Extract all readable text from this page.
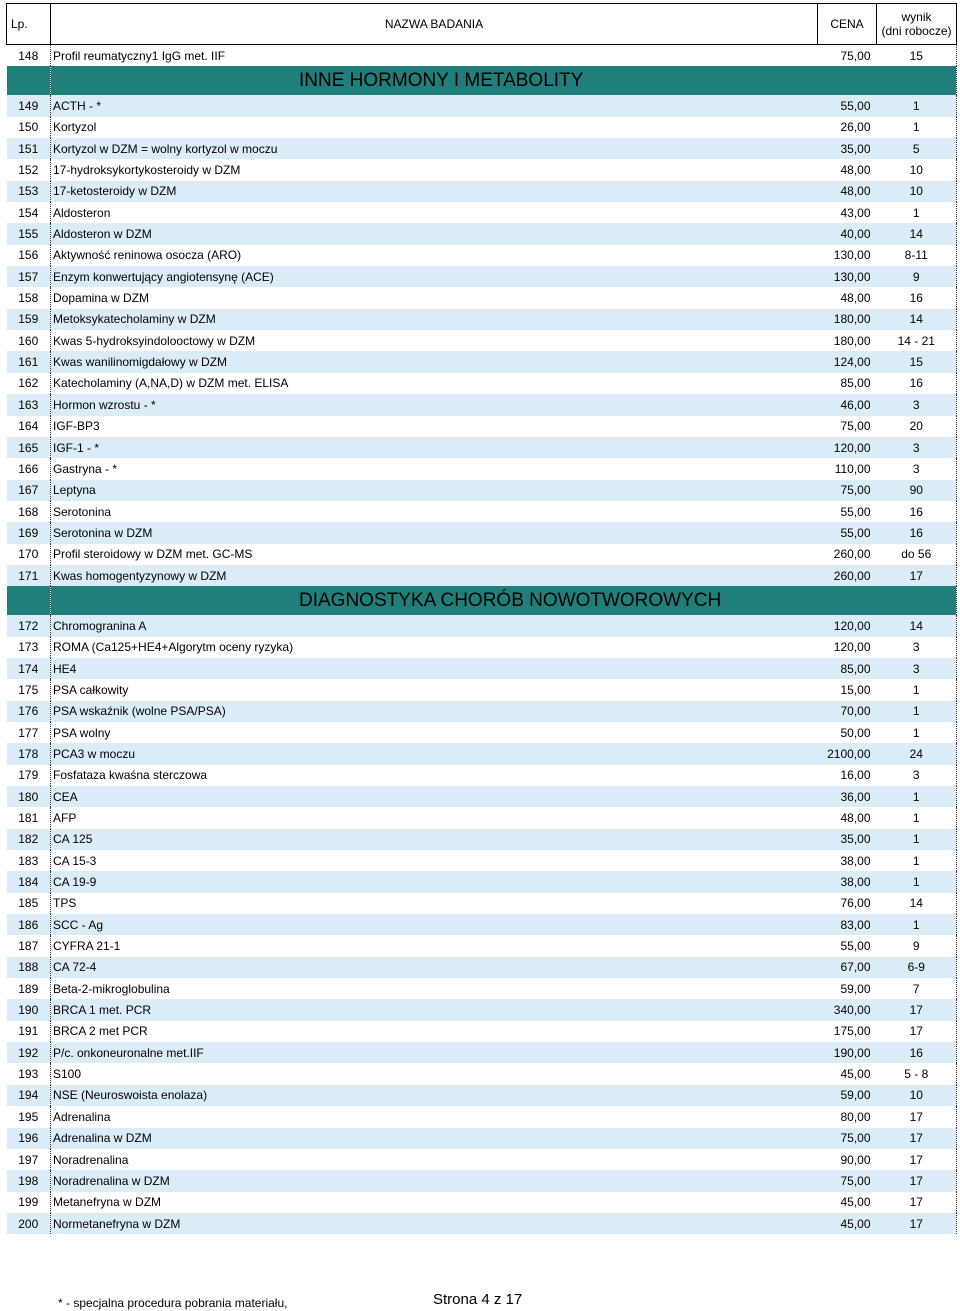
Lp.	NAZWA BADANIA	CENA	wynik
(dni robocze)
148	Profil reumatyczny1 IgG met. IIF	75,00	15
	INNE HORMONY I METABOLITY		
149	ACTH - *	55,00	1
150	Kortyzol	26,00	1
151	Kortyzol w DZM = wolny kortyzol w moczu	35,00	5
152	17-hydroksykortykosteroidy w DZM	48,00	10
153	17-ketosteroidy w DZM	48,00	10
154	Aldosteron	43,00	1
155	Aldosteron w DZM	40,00	14
156	Aktywność reninowa osocza (ARO)	130,00	8-11
157	Enzym konwertujący angiotensynę (ACE)	130,00	9
158	Dopamina w DZM	48,00	16
159	Metoksykatecholaminy w DZM	180,00	14
160	Kwas 5-hydroksyindolooctowy w DZM	180,00	14 - 21
161	Kwas wanilinomigdałowy w DZM	124,00	15
162	Katecholaminy (A,NA,D) w DZM met. ELISA	85,00	16
163	Hormon wzrostu - *	46,00	3
164	IGF-BP3	75,00	20
165	IGF-1 - *	120,00	3
166	Gastryna - *	110,00	3
167	Leptyna	75,00	90
168	Serotonina	55,00	16
169	Serotonina w DZM	55,00	16
170	Profil steroidowy w DZM met. GC-MS	260,00	do 56
171	Kwas homogentyzynowy w DZM	260,00	17
	DIAGNOSTYKA CHORÓB NOWOTWOROWYCH		
172	Chromogranina A	120,00	14
173	ROMA (Ca125+HE4+Algorytm oceny ryzyka)	120,00	3
174	HE4	85,00	3
175	PSA całkowity	15,00	1
176	PSA wskaźnik (wolne PSA/PSA)	70,00	1
177	PSA wolny	50,00	1
178	PCA3 w moczu	2100,00	24
179	Fosfataza kwaśna sterczowa	16,00	3
180	CEA	36,00	1
181	AFP	48,00	1
182	CA 125	35,00	1
183	CA 15-3	38,00	1
184	CA 19-9	38,00	1
185	TPS	76,00	14
186	SCC - Ag	83,00	1
187	CYFRA 21-1	55,00	9
188	CA 72-4	67,00	6-9
189	Beta-2-mikroglobulina	59,00	7
190	BRCA 1 met. PCR	340,00	17
191	BRCA 2 met PCR	175,00	17
192	P/c. onkoneuronalne met.IIF	190,00	16
193	S100	45,00	5 - 8
194	NSE (Neuroswoista enolaza)	59,00	10
195	Adrenalina	80,00	17
196	Adrenalina w DZM	75,00	17
197	Noradrenalina	90,00	17
198	Noradrenalina w DZM	75,00	17
199	Metanefryna w DZM	45,00	17
200	Normetanefryna w DZM	45,00	17
* - specjalna procedura pobrania materiału,	Strona 4 z 17
